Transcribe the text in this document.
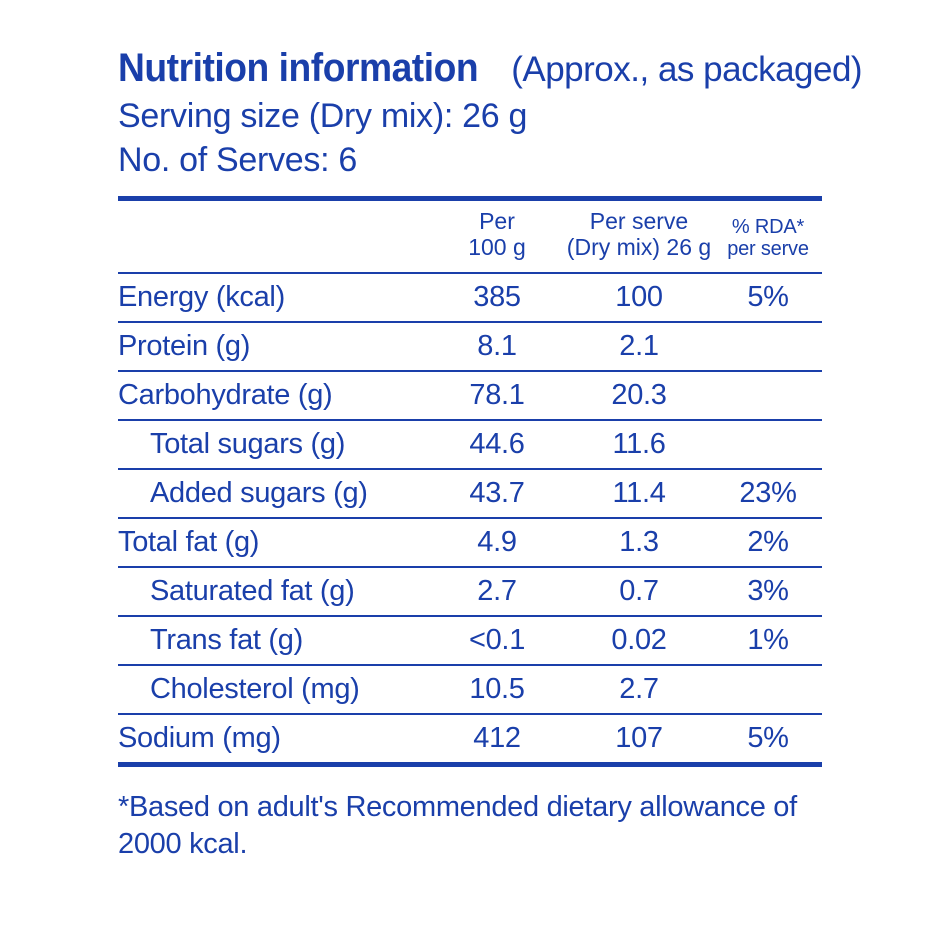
Nutrition information (Approx., as packaged)
Serving size (Dry mix): 26 g
No. of Serves: 6

Per
100 g

Per serve
(Dry mix) 26 g

% RDA*
per serve

Energy (kcal)	385	100	5%
Protein (g)	8.1	2.1	
Carbohydrate (g)	78.1	20.3	
Total sugars (g)	44.6	11.6	
Added sugars (g)	43.7	11.4	23%
Total fat (g)	4.9	1.3	2%
Saturated fat (g)	2.7	0.7	3%
Trans fat (g)	<0.1	0.02	1%
Cholesterol (mg)	10.5	2.7	
Sodium (mg)	412	107	5%
*Based on adult's Recommended dietary allowance of 2000 kcal.
